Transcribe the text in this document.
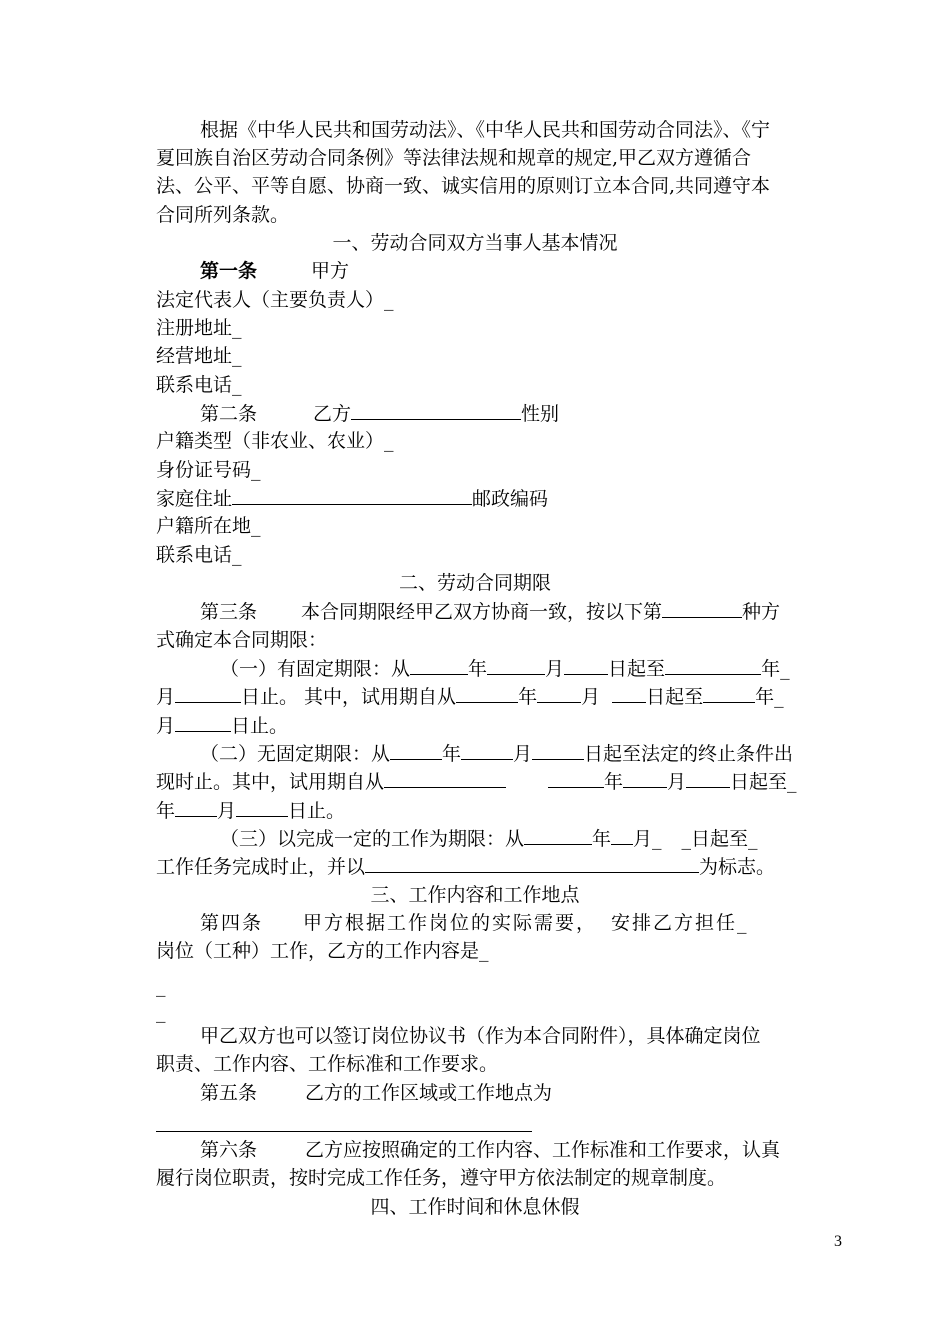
根据《中华人民共和国劳动法》、《中华人民共和国劳动合同法》、《宁
夏回族自治区劳动合同条例》等法律法规和规章的规定,甲乙双方遵循合
法、公平、平等自愿、协商一致、诚实信用的原则订立本合同,共同遵守本
合同所列条款。
一、劳动合同双方当事人基本情况
第一条	甲方
法定代表人（主要负责人）_
注册地址_
经营地址_
联系电话_
第二条	乙方	性别
户籍类型（非农业、农业）_
身份证号码_
家庭住址	邮政编码
户籍所在地_
联系电话_
二、劳动合同期限
第三条 本合同期限经甲乙双方协商一致，按以下第	种方
式确定本合同期限：
（一）有固定期限：从	年	月 日起至	年_
月	日止。 其中，试用期自从	年 月 日起至	年_
月	日止。
（二）无固定期限：从	年	月	日起至法定的终止条件出
现时止。其中，试用期自从	年 月 日起至_
年 月	日止。
（三）以完成一定的工作为期限：从	年 月_ _日起至_
工作任务完成时止，并以	为标志。
三、工作内容和工作地点
第四条 甲方根据工作岗位的实际需要， 安排乙方担任_
岗位（工种）工作，乙方的工作内容是_
_
_
甲乙双方也可以签订岗位协议书（作为本合同附件），具体确定岗位
职责、工作内容、工作标准和工作要求。
第五条	乙方的工作区域或工作地点为
第六条	乙方应按照确定的工作内容、工作标准和工作要求，认真
履行岗位职责，按时完成工作任务，遵守甲方依法制定的规章制度。
四、工作时间和休息休假
3
